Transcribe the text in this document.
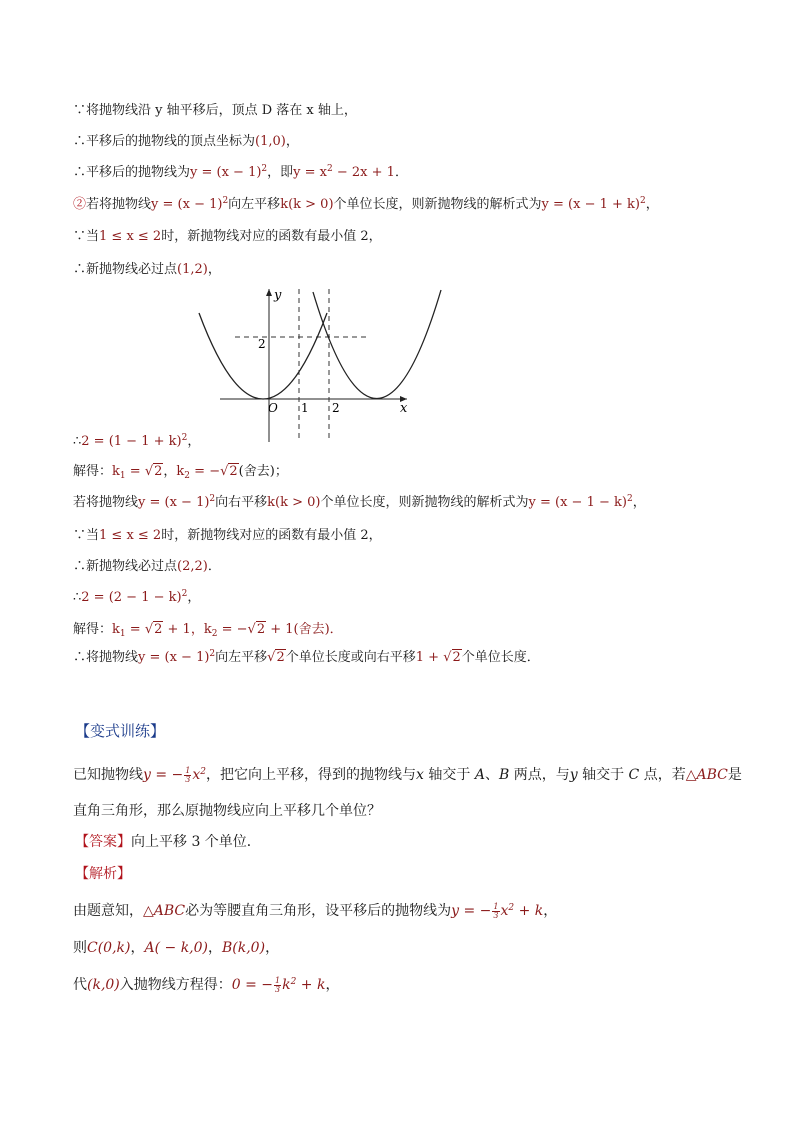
∵将抛物线沿 y 轴平移后，顶点 D 落在 x 轴上，
∴平移后的抛物线的顶点坐标为(1,0)，
∴平移后的抛物线为$y = (x - 1)^2$，即$y = x^2 - 2x + 1$．
②若将抛物线$y = (x - 1)^2$向左平移k(k > 0)个单位长度，则新抛物线的解析式为$y = (x - 1 + k)^2$，
∵当1 ≤ x ≤ 2时，新抛物线对应的函数有最小值 2，
∴新抛物线必过点(1,2)，
y
x
O 1 2
2
∴2 = $(1 - 1 + k)^2$，
解得：$k_1 = √2$，$k_2 = -√2$(舍去)；
若将抛物线$y = (x - 1)^2$向右平移k(k > 0)个单位长度，则新抛物线的解析式为$y = (x - 1 - k)^2$，
∵当1 ≤ x ≤ 2时，新抛物线对应的函数有最小值 2，
∴新抛物线必过点(2,2)．
∴2 = $(2 - 1 - k)^2$，
解得：$k_1 = √2 + 1$，$k_2 = -√2 + 1$(舍去)．
∴将抛物线$y = (x - 1)^2$向左平移√2个单位长度或向右平移1 + √2个单位长度．
【变式训练】
已知抛物线y = − $\frac{1}{3} x^2$，把它向上平移，得到的抛物线与x 轴交于 A、B 两点，与y 轴交于 C 点，若△ABC是
直角三角形，那么原抛物线应向上平移几个单位？
【答案】向上平移 3 个单位．
【解析】
由题意知，△ABC必为等腰直角三角形，设平移后的抛物线为y = − $\frac{1}{3} x^2 + k$，
则C(0,k)，A( − k,0)，B(k,0)，
代(k,0)入抛物线方程得：0 = − $\frac{1}{3} k^2 + k$，
